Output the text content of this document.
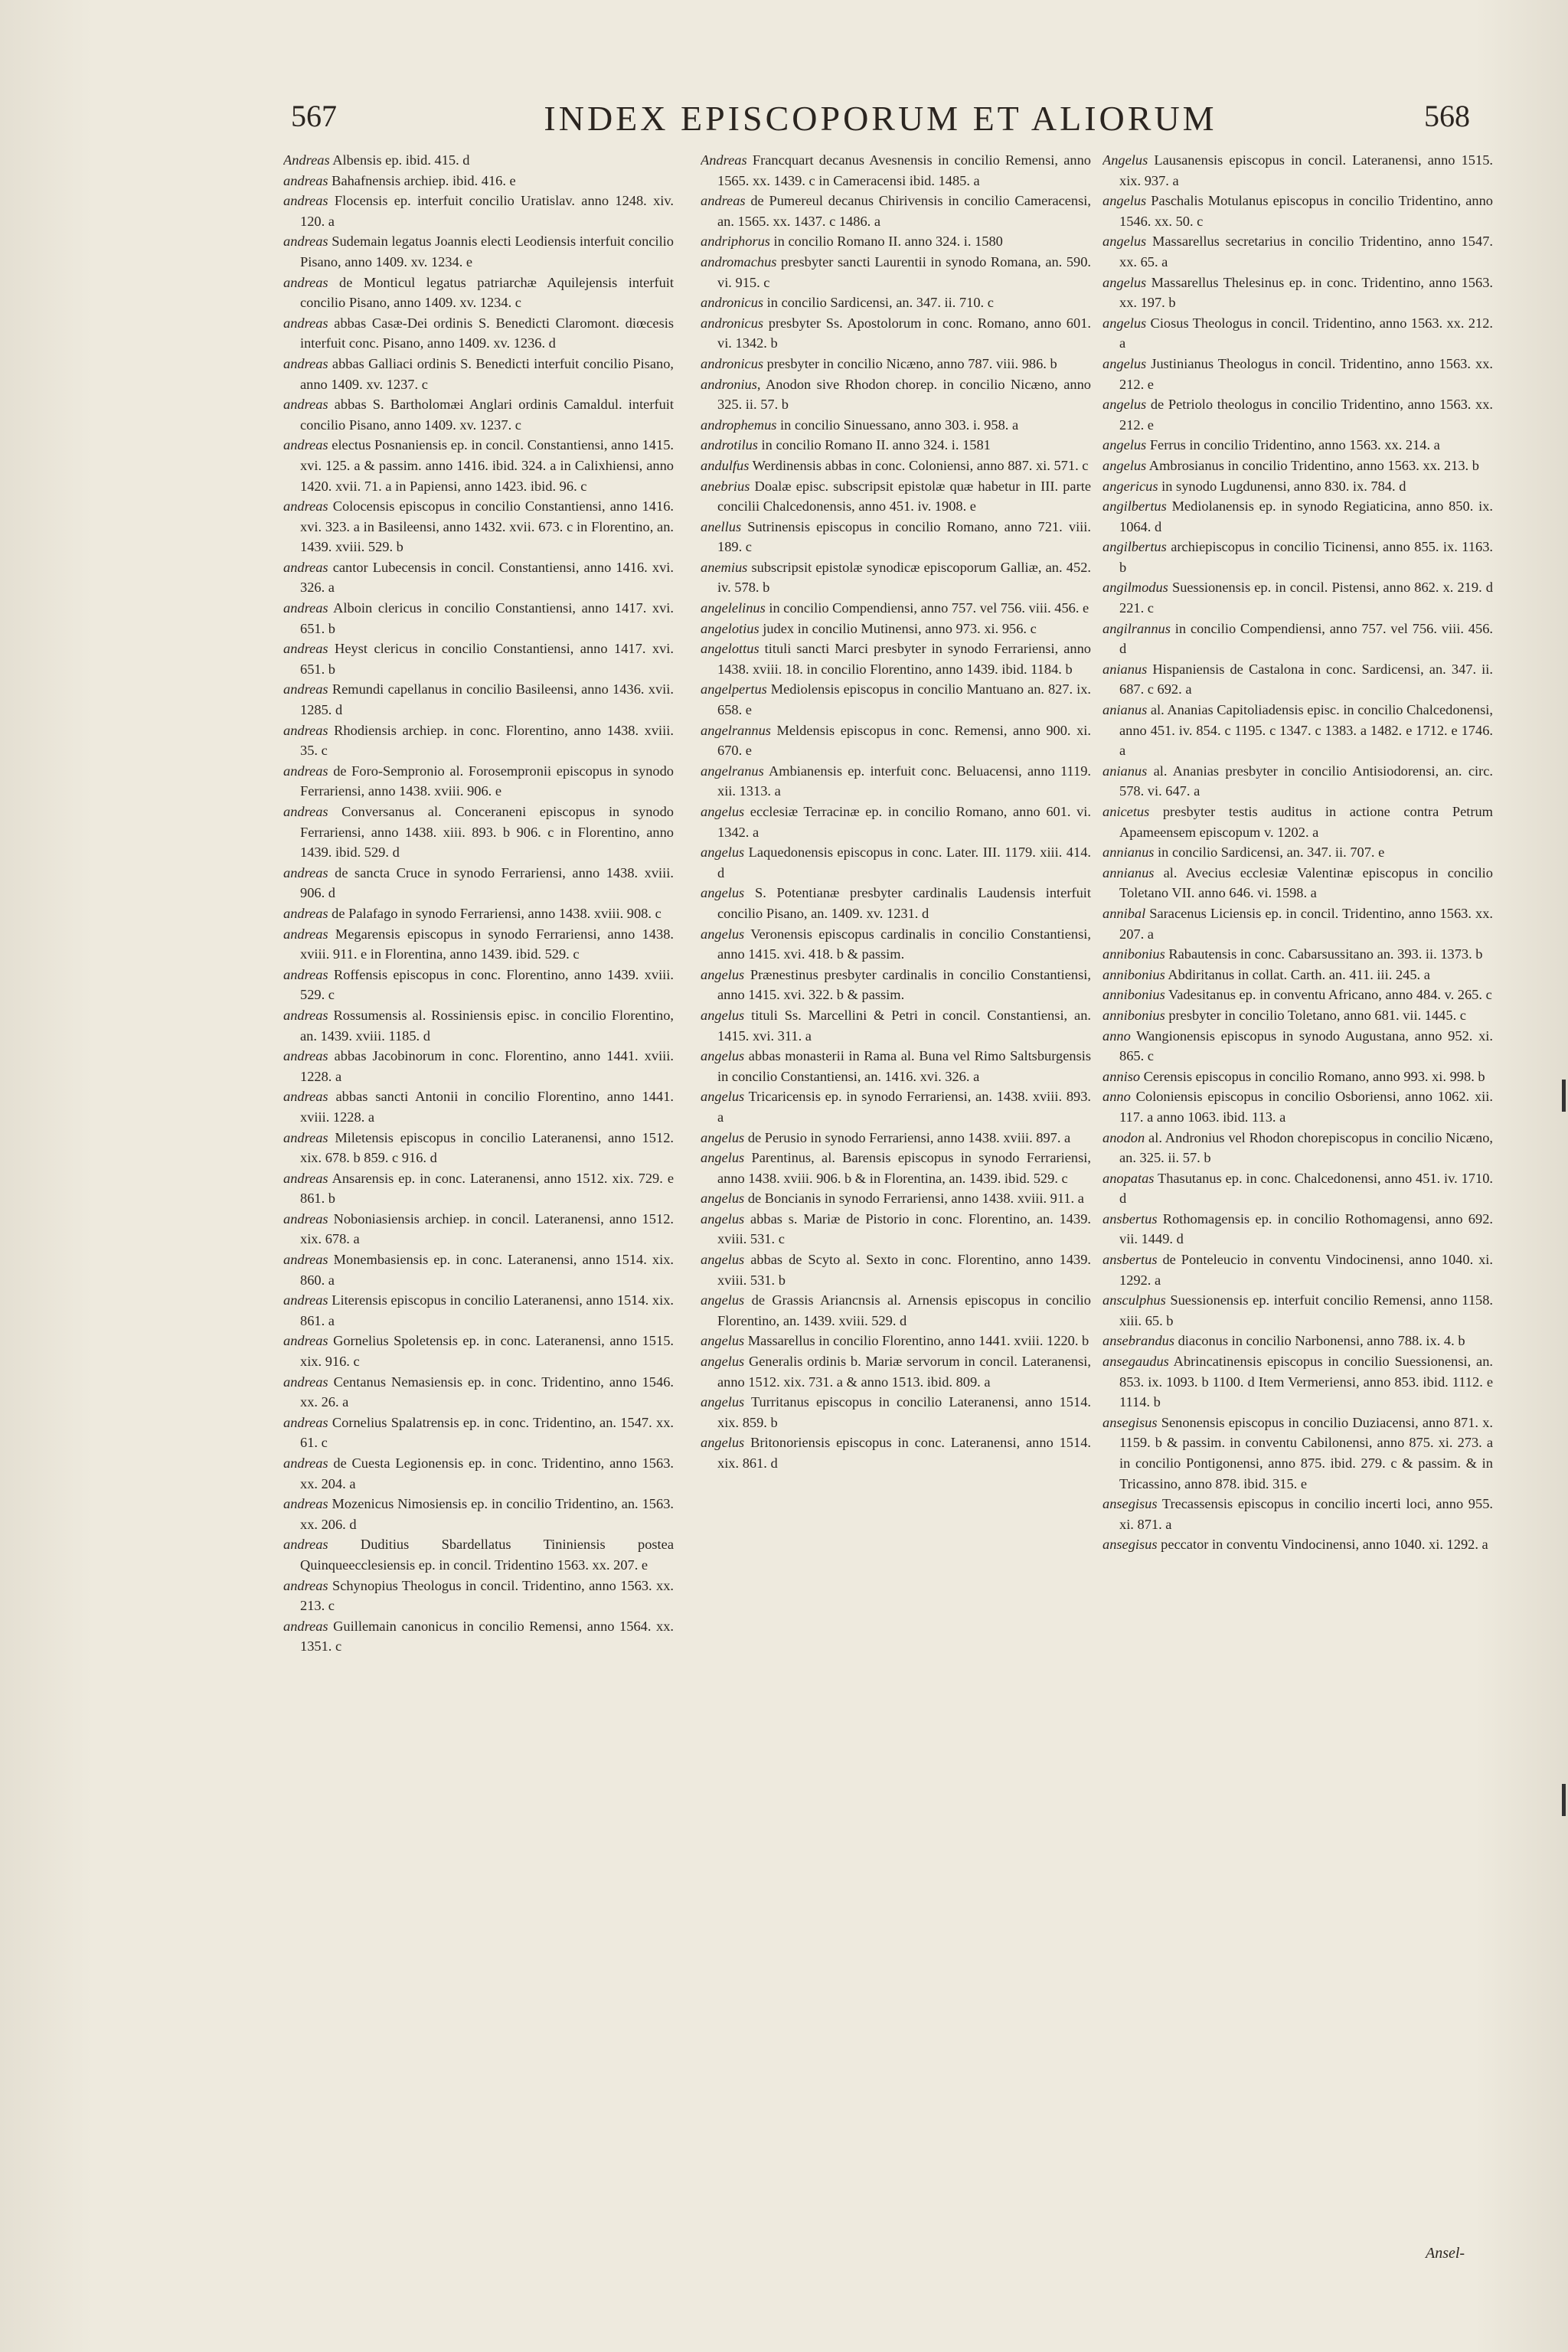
567	INDEX EPISCOPORUM ET ALIORUM	568
Andreas Albensis ep. ibid. 415. d
andreas Bahafnensis archiep. ibid. 416. e
andreas Flocensis ep. interfuit concilio Uratislav. anno 1248. xiv. 120. a
andreas Sudemain legatus Joannis electi Leodiensis interfuit concilio Pisano, anno 1409. xv. 1234. e
andreas de Monticul legatus patriarchæ Aquilejensis interfuit concilio Pisano, anno 1409. xv. 1234. c
andreas abbas Casæ-Dei ordinis S. Benedicti Claromont. diœcesis interfuit conc. Pisano, anno 1409. xv. 1236. d
andreas abbas Galliaci ordinis S. Benedicti interfuit concilio Pisano, anno 1409. xv. 1237. c
andreas abbas S. Bartholomæi Anglari ordinis Camaldul. interfuit concilio Pisano, anno 1409. xv. 1237. c
andreas electus Posnaniensis ep. in concil. Constantiensi, anno 1415. xvi. 125. a & passim. anno 1416. ibid. 324. a in Calixhiensi, anno 1420. xvii. 71. a in Papiensi, anno 1423. ibid. 96. c
andreas Colocensis episcopus in concilio Constantiensi, anno 1416. xvi. 323. a in Basileensi, anno 1432. xvii. 673. c in Florentino, an. 1439. xviii. 529. b
andreas cantor Lubecensis in concil. Constantiensi, anno 1416. xvi. 326. a
andreas Alboin clericus in concilio Constantiensi, anno 1417. xvi. 651. b
andreas Heyst clericus in concilio Constantiensi, anno 1417. xvi. 651. b
andreas Remundi capellanus in concilio Basileensi, anno 1436. xvii. 1285. d
andreas Rhodiensis archiep. in conc. Florentino, anno 1438. xviii. 35. c
andreas de Foro-Sempronio al. Forosempronii episcopus in synodo Ferrariensi, anno 1438. xviii. 906. e
andreas Conversanus al. Concerаneni episcopus in synodo Ferrariensi, anno 1438. xiii. 893. b 906. c in Florentino, anno 1439. ibid. 529. d
andreas de sancta Cruce in synodo Ferrariensi, anno 1438. xviii. 906. d
andreas de Palafago in synodo Ferrariensi, anno 1438. xviii. 908. c
andreas Megarensis episcopus in synodo Ferrariensi, anno 1438. xviii. 911. e in Florentina, anno 1439. ibid. 529. c
andreas Roffensis episcopus in conc. Florentino, anno 1439. xviii. 529. c
andreas Rossumensis al. Rossiniensis episc. in concilio Florentino, an. 1439. xviii. 1185. d
andreas abbas Jacobinorum in conc. Florentino, anno 1441. xviii. 1228. a
andreas abbas sancti Antonii in concilio Florentino, anno 1441. xviii. 1228. a
andreas Miletensis episcopus in concilio Lateranensi, anno 1512. xix. 678. b 859. c 916. d
andreas Ansarensis ep. in conc. Lateranensi, anno 1512. xix. 729. e 861. b
andreas Noboniasiensis archiep. in concil. Lateranensi, anno 1512. xix. 678. a
andreas Monembasiensis ep. in conc. Lateranensi, anno 1514. xix. 860. a
andreas Literensis episcopus in concilio Lateranensi, anno 1514. xix. 861. a
andreas Gornelius Spoletensis ep. in conc. Lateranensi, anno 1515. xix. 916. c
andreas Centanus Nemasiensis ep. in conc. Tridentino, anno 1546. xx. 26. a
andreas Cornelius Spalatrensis ep. in conc. Tridentino, an. 1547. xx. 61. c
andreas de Cuesta Legionensis ep. in conc. Tridentino, anno 1563. xx. 204. a
andreas Mozenicus Nimosiensis ep. in concilio Tridentino, an. 1563. xx. 206. d
andreas Duditius Sbardellatus Tininiensis postea Quinqueecclesiensis ep. in concil. Tridentino 1563. xx. 207. e
andreas Schynopius Theologus in concil. Tridentino, anno 1563. xx. 213. c
andreas Guillemain canonicus in concilio Remensi, anno 1564. xx. 1351. c
Andreas Francquart decanus Avesnensis in concilio Remensi, anno 1565. xx. 1439. c in Cameracensi ibid. 1485. a
andreas de Pumereul decanus Chirivensis in concilio Cameracensi, an. 1565. xx. 1437. c 1486. a
andriphorus in concilio Romano II. anno 324. i. 1580
andromachus presbyter sancti Laurentii in synodo Romana, an. 590. vi. 915. c
andronicus in concilio Sardicensi, an. 347. ii. 710. c
andronicus presbyter Ss. Apostolorum in conc. Romano, anno 601. vi. 1342. b
andronicus presbyter in concilio Nicæno, anno 787. viii. 986. b
andronius, Anodon sive Rhodon chorep. in concilio Nicæno, anno 325. ii. 57. b
androphemus in concilio Sinuessano, anno 303. i. 958. a
androtilus in concilio Romano II. anno 324. i. 1581
andulfus Werdinensis abbas in conc. Coloniensi, anno 887. xi. 571. c
anebrius Doalæ episc. subscripsit epistolæ quæ habetur in III. parte concilii Chalcedonensis, anno 451. iv. 1908. e
anellus Sutrinensis episcopus in concilio Romano, anno 721. viii. 189. c
anemius subscripsit epistolæ synodicæ episcoporum Galliæ, an. 452. iv. 578. b
angelelinus in concilio Compendiensi, anno 757. vel 756. viii. 456. e
angelotius judex in concilio Mutinensi, anno 973. xi. 956. c
angelottus tituli sancti Marci presbyter in synodo Ferrariensi, anno 1438. xviii. 18. in concilio Florentino, anno 1439. ibid. 1184. b
angelpertus Mediolensis episcopus in concilio Mantuano an. 827. ix. 658. e
angelrannus Meldensis episcopus in conc. Remensi, anno 900. xi. 670. e
angelranus Ambianensis ep. interfuit conc. Beluacensi, anno 1119. xii. 1313. a
angelus ecclesiæ Terracinæ ep. in concilio Romano, anno 601. vi. 1342. a
angelus Laquedonensis episcopus in conc. Later. III. 1179. xiii. 414. d
angelus S. Potentianæ presbyter cardinalis Laudensis interfuit concilio Pisano, an. 1409. xv. 1231. d
angelus Veronensis episcopus cardinalis in concilio Constantiensi, anno 1415. xvi. 418. b & passim.
angelus Prænestinus presbyter cardinalis in concilio Constantiensi, anno 1415. xvi. 322. b & passim.
angelus tituli Ss. Marcellini & Petri in concil. Constantiensi, an. 1415. xvi. 311. a
angelus abbas monasterii in Rama al. Buna vel Rimo Saltsburgensis in concilio Constantiensi, an. 1416. xvi. 326. a
angelus Tricaricensis ep. in synodo Ferrariensi, an. 1438. xviii. 893. a
angelus de Perusio in synodo Ferrariensi, anno 1438. xviii. 897. a
angelus Parentinus, al. Barensis episcopus in synodo Ferrariensi, anno 1438. xviii. 906. b & in Florentina, an. 1439. ibid. 529. c
angelus de Boncianis in synodo Ferrariensi, anno 1438. xviii. 911. a
angelus abbas s. Mariæ de Pistorio in conc. Florentino, an. 1439. xviii. 531. c
angelus abbas de Scyto al. Sexto in conc. Florentino, anno 1439. xviii. 531. b
angelus de Grassis Ariancnsis al. Arnensis episcopus in concilio Florentino, an. 1439. xviii. 529. d
angelus Massarellus in concilio Florentino, anno 1441. xviii. 1220. b
angelus Generalis ordinis b. Mariæ servorum in concil. Lateranensi, anno 1512. xix. 731. a & anno 1513. ibid. 809. a
angelus Turritanus episcopus in concilio Lateranensi, anno 1514. xix. 859. b
angelus Britonoriensis episcopus in conc. Lateranensi, anno 1514. xix. 861. d
Angelus Lausanensis episcopus in concil. Lateranensi, anno 1515. xix. 937. a
angelus Paschalis Motulanus episcopus in concilio Tridentino, anno 1546. xx. 50. c
angelus Massarellus secretarius in concilio Tridentino, anno 1547. xx. 65. a
angelus Massarellus Thelesinus ep. in conc. Tridentino, anno 1563. xx. 197. b
angelus Ciosus Theologus in concil. Tridentino, anno 1563. xx. 212. a
angelus Justinianus Theologus in concil. Tridentino, anno 1563. xx. 212. e
angelus de Petriolo theologus in concilio Tridentino, anno 1563. xx. 212. e
angelus Ferrus in concilio Tridentino, anno 1563. xx. 214. a
angelus Ambrosianus in concilio Tridentino, anno 1563. xx. 213. b
angericus in synodo Lugdunensi, anno 830. ix. 784. d
angilbertus Mediolanensis ep. in synodo Regiaticina, anno 850. ix. 1064. d
angilbertus archiepiscopus in concilio Ticinensi, anno 855. ix. 1163. b
angilmodus Suessionensis ep. in concil. Pistensi, anno 862. x. 219. d 221. c
angilrannus in concilio Compendiensi, anno 757. vel 756. viii. 456. d
anianus Hispaniensis de Castalona in conc. Sardicensi, an. 347. ii. 687. c 692. a
anianus al. Ananias Capitoliadensis episc. in concilio Chalcedonensi, anno 451. iv. 854. c 1195. c 1347. c 1383. a 1482. e 1712. e 1746. a
anianus al. Ananias presbyter in concilio Antisiodorensi, an. circ. 578. vi. 647. a
anicetus presbyter testis auditus in actione contra Petrum Apameensem episcopum v. 1202. a
annianus in concilio Sardicensi, an. 347. ii. 707. e
annianus al. Avecius ecclesiæ Valentinæ episcopus in concilio Toletano VII. anno 646. vi. 1598. a
annibal Saracenus Liciensis ep. in concil. Tridentino, anno 1563. xx. 207. a
annibonius Rabautensis in conc. Cabarsussitano an. 393. ii. 1373. b
annibonius Abdiritanus in collat. Carth. an. 411. iii. 245. a
annibonius Vadesitanus ep. in conventu Africano, anno 484. v. 265. c
annibonius presbyter in concilio Toletano, anno 681. vii. 1445. c
anno Wangionensis episcopus in synodo Augustana, anno 952. xi. 865. c
anniso Cerensis episcopus in concilio Romano, anno 993. xi. 998. b
anno Coloniensis episcopus in concilio Osboriensi, anno 1062. xii. 117. a anno 1063. ibid. 113. a
anodon al. Andronius vel Rhodon chorepiscopus in concilio Nicæno, an. 325. ii. 57. b
anopatas Thasutanus ep. in conc. Chalcedonensi, anno 451. iv. 1710. d
ansbertus Rothomagensis ep. in concilio Rothomagensi, anno 692. vii. 1449. d
ansbertus de Ponteleucio in conventu Vindocinensi, anno 1040. xi. 1292. a
ansculphus Suessionensis ep. interfuit concilio Remensi, anno 1158. xiii. 65. b
ansebrandus diaconus in concilio Narbonensi, anno 788. ix. 4. b
ansegaudus Abrincatinensis episcopus in concilio Suessionensi, an. 853. ix. 1093. b 1100. d Item Vermeriensi, anno 853. ibid. 1112. e 1114. b
ansegisus Senonensis episcopus in concilio Duziacensi, anno 871. x. 1159. b & passim. in conventu Cabilonensi, anno 875. xi. 273. a in concilio Pontigonensi, anno 875. ibid. 279. c & passim. & in Tricassino, anno 878. ibid. 315. e
ansegisus Trecassensis episcopus in concilio incerti loci, anno 955. xi. 871. a
ansegisus peccator in conventu Vindocinensi, anno 1040. xi. 1292. a
Ansel-
